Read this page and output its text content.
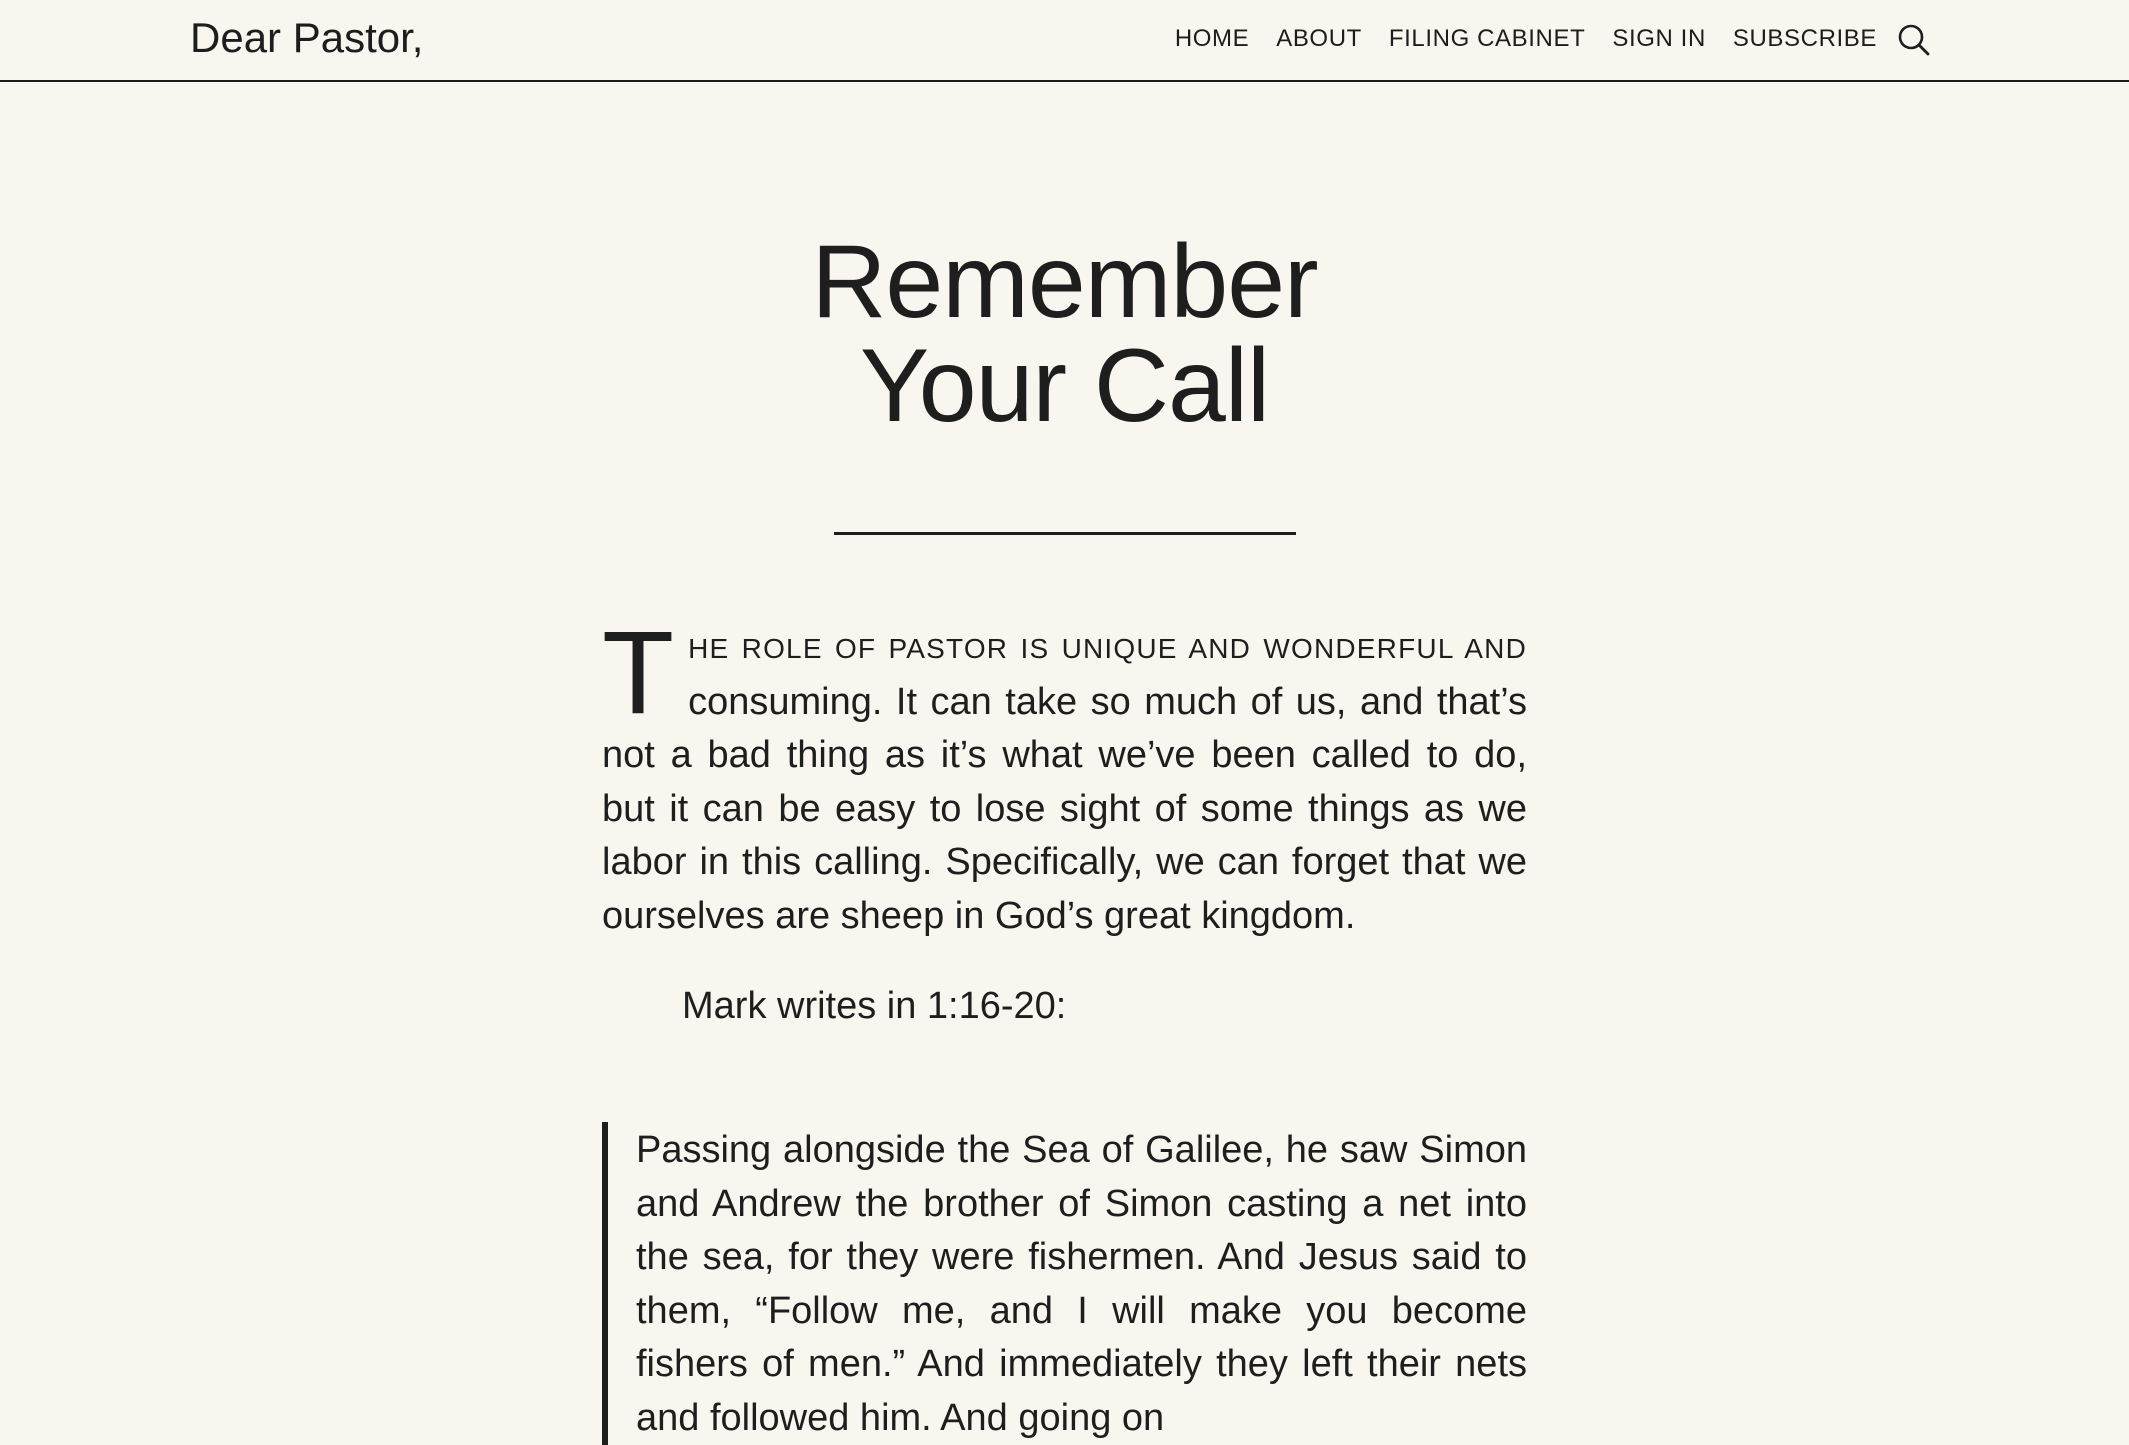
Dear Pastor,	HOME ABOUT FILING CABINET SIGN IN SUBSCRIBE
Remember
Your Call

THE ROLE OF PASTOR IS UNIQUE AND WONDERFUL AND consuming. It can take so much of us, and that’s not a bad thing as it’s what we’ve been called to do, but it can be easy to lose sight of some things as we labor in this calling. Specifically, we can forget that we ourselves are sheep in God’s great kingdom.

Mark writes in 1:16-20:

Passing alongside the Sea of Galilee, he saw Simon and Andrew the brother of Simon casting a net into the sea, for they were fishermen. And Jesus said to them, “Follow me, and I will make you become fishers of men.” And immediately they left their nets and followed him. And going on
